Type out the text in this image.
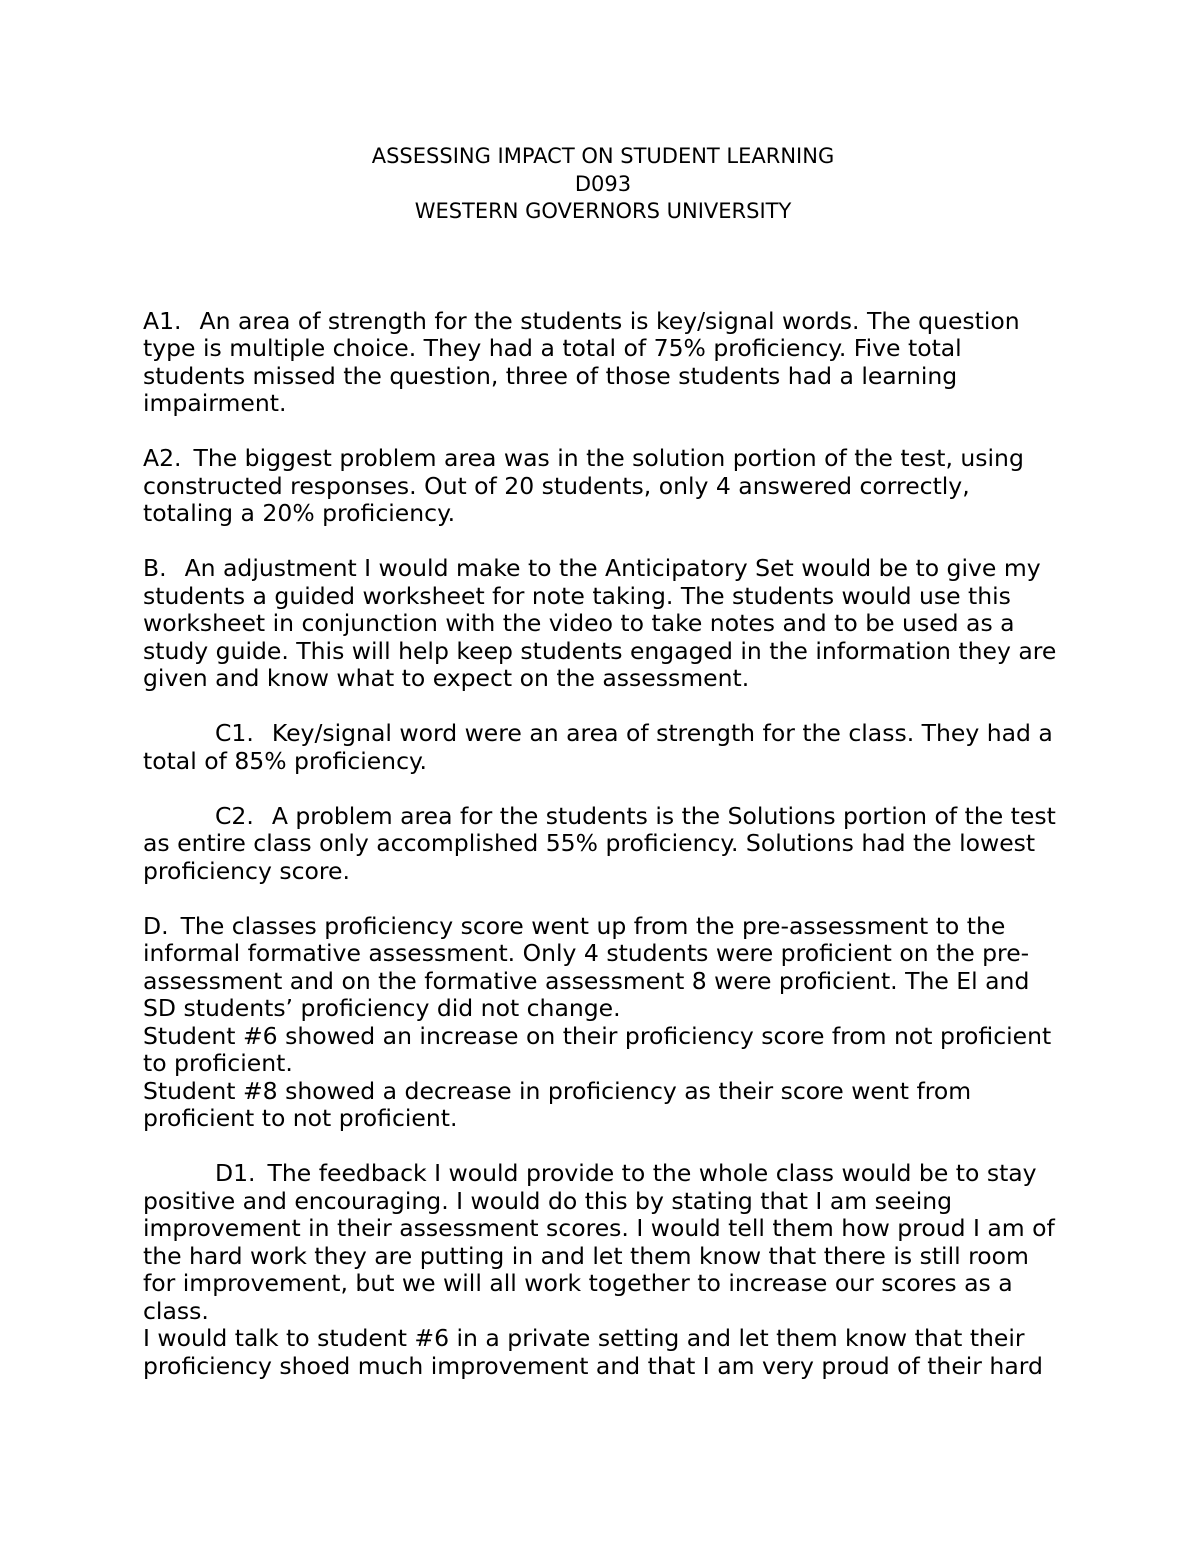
ASSESSING IMPACT ON STUDENT LEARNING
D093
WESTERN GOVERNORS UNIVERSITY

A1. An area of strength for the students is key/signal words. The question type is multiple choice. They had a total of 75% proficiency. Five total students missed the question, three of those students had a learning impairment.

A2. The biggest problem area was in the solution portion of the test, using constructed responses. Out of 20 students, only 4 answered correctly, totaling a 20% proficiency.

B. An adjustment I would make to the Anticipatory Set would be to give my students a guided worksheet for note taking. The students would use this worksheet in conjunction with the video to take notes and to be used as a study guide. This will help keep students engaged in the information they are given and know what to expect on the assessment.

C1. Key/signal word were an area of strength for the class. They had a total of 85% proficiency.

C2. A problem area for the students is the Solutions portion of the test as entire class only accomplished 55% proficiency. Solutions had the lowest proficiency score.

D. The classes proficiency score went up from the pre-assessment to the informal formative assessment. Only 4 students were proficient on the pre-assessment and on the formative assessment 8 were proficient. The El and SD students’ proficiency did not change.

Student #6 showed an increase on their proficiency score from not proficient to proficient.

Student #8 showed a decrease in proficiency as their score went from proficient to not proficient.

D1. The feedback I would provide to the whole class would be to stay positive and encouraging. I would do this by stating that I am seeing improvement in their assessment scores. I would tell them how proud I am of the hard work they are putting in and let them know that there is still room for improvement, but we will all work together to increase our scores as a class.

I would talk to student #6 in a private setting and let them know that their proficiency shoed much improvement and that I am very proud of their hard
